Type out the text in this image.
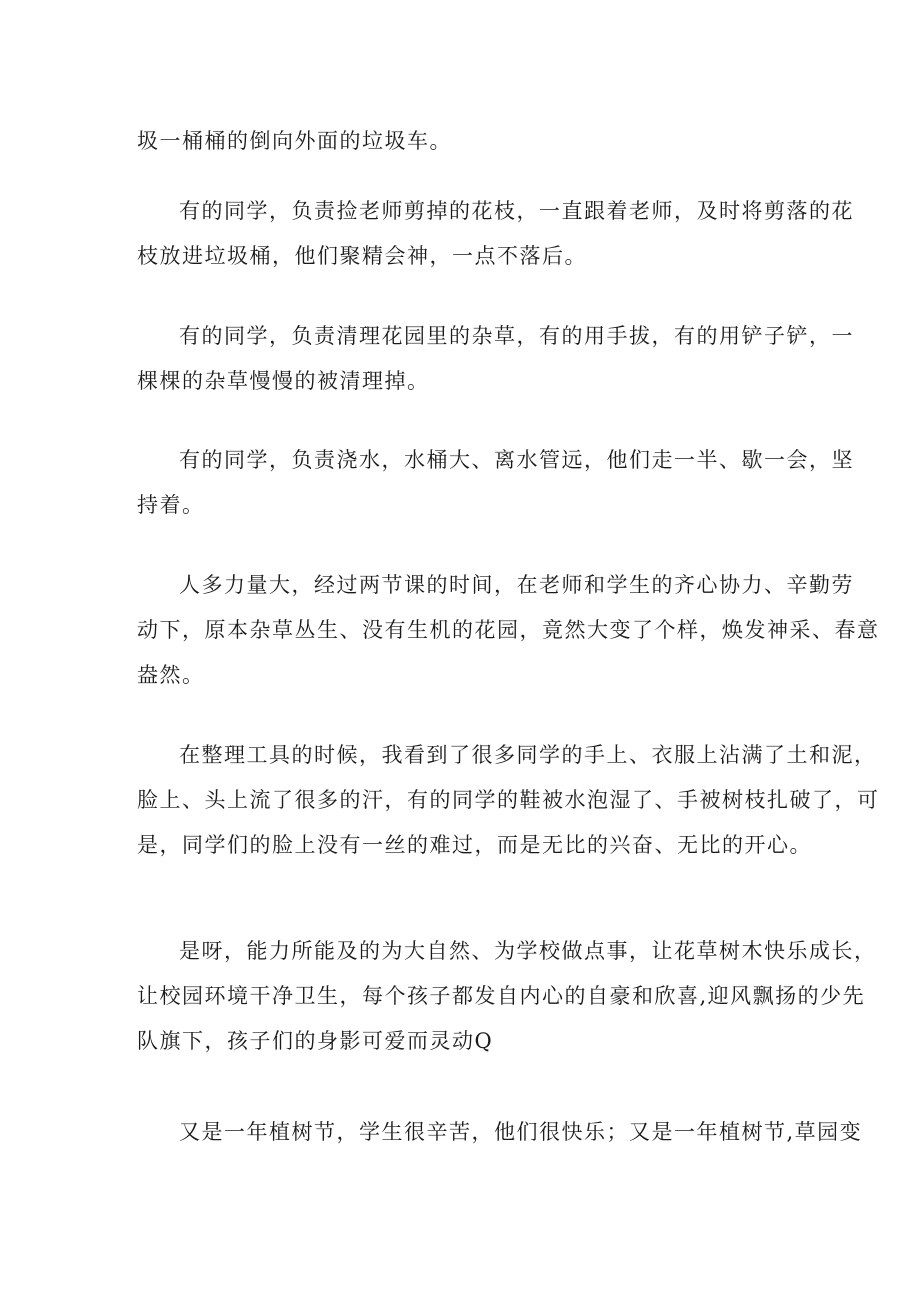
圾一桶桶的倒向外面的垃圾车。

有的同学，负责捡老师剪掉的花枝，一直跟着老师，及时将剪落的花
枝放进垃圾桶，他们聚精会神，一点不落后。

有的同学，负责清理花园里的杂草，有的用手拔，有的用铲子铲，一
棵棵的杂草慢慢的被清理掉。

有的同学，负责浇水，水桶大、离水管远，他们走一半、歇一会，坚
持着。

人多力量大，经过两节课的时间，在老师和学生的齐心协力、辛勤劳
动下，原本杂草丛生、没有生机的花园，竟然大变了个样，焕发神采、春意
盎然。

在整理工具的时候，我看到了很多同学的手上、衣服上沾满了土和泥，
脸上、头上流了很多的汗，有的同学的鞋被水泡湿了、手被树枝扎破了，可
是，同学们的脸上没有一丝的难过，而是无比的兴奋、无比的开心。

是呀，能力所能及的为大自然、为学校做点事，让花草树木快乐成长，
让校园环境干净卫生，每个孩子都发自内心的自豪和欣喜,迎风飘扬的少先
队旗下，孩子们的身影可爱而灵动Q

又是一年植树节，学生很辛苦，他们很快乐；又是一年植树节,草园变
